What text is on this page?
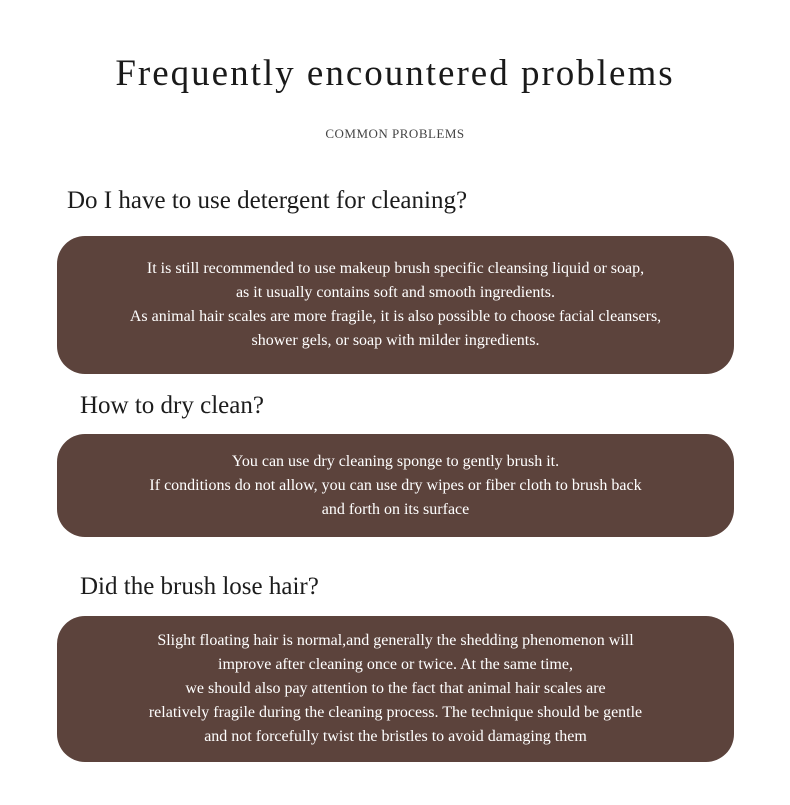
Frequently encountered problems
COMMON PROBLEMS
Do I have to use detergent for cleaning?
It is still recommended to use makeup brush specific cleansing liquid or soap,
as it usually contains soft and smooth ingredients.
As animal hair scales are more fragile, it is also possible to choose facial cleansers,
shower gels, or soap with milder ingredients.
How to dry clean?
You can use dry cleaning sponge to gently brush it.
If conditions do not allow, you can use dry wipes or fiber cloth to brush back
and forth on its surface
Did the brush lose hair?
Slight floating hair is normal,and generally the shedding phenomenon will
improve after cleaning once or twice. At the same time,
we should also pay attention to the fact that animal hair scales are
relatively fragile during the cleaning process. The technique should be gentle
and not forcefully twist the bristles to avoid damaging them
